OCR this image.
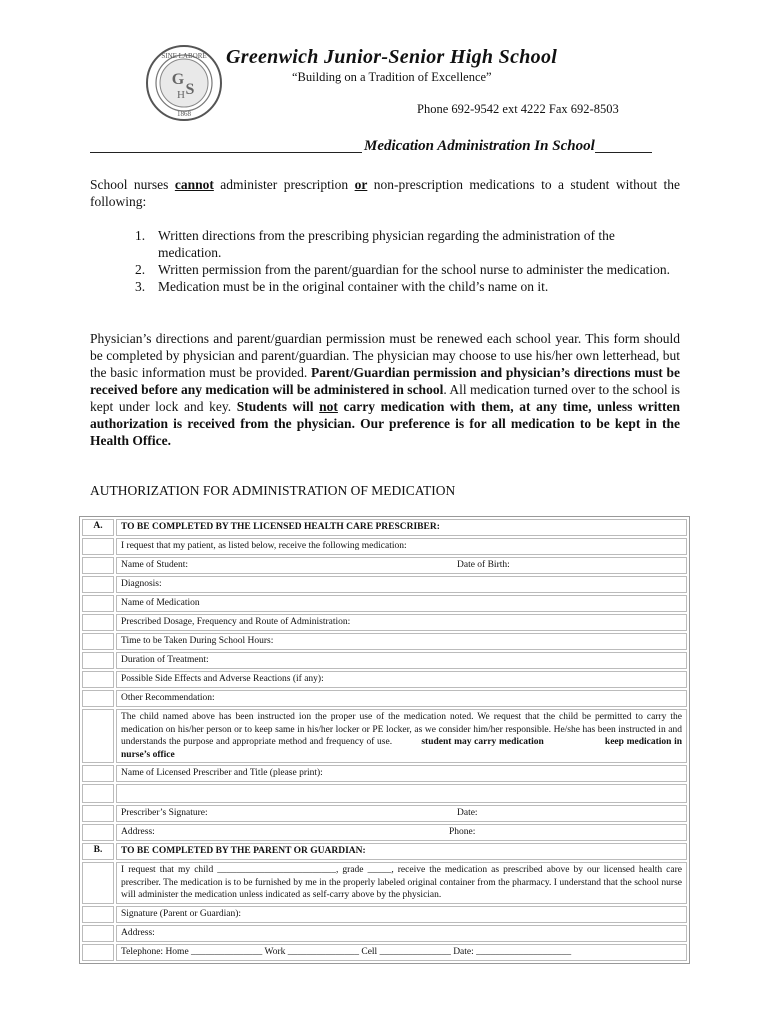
SINE LABORE
1868
G
S
H
Greenwich Junior-Senior High School
“Building on a Tradition of Excellence”
Phone 692-9542 ext 4222 Fax 692-8503
Medication Administration In School
School nurses cannot administer prescription or non-prescription medications to a student without the following:
1. Written directions from the prescribing physician regarding the administration of the medication.
2. Written permission from the parent/guardian for the school nurse to administer the medication.
3. Medication must be in the original container with the child’s name on it.
Physician’s directions and parent/guardian permission must be renewed each school year. This form should be completed by physician and parent/guardian. The physician may choose to use his/her own letterhead, but the basic information must be provided. Parent/Guardian permission and physician’s directions must be received before any medication will be administered in school. All medication turned over to the school is kept under lock and key. Students will not carry medication with them, at any time, unless written authorization is received from the physician. Our preference is for all medication to be kept in the Health Office.
AUTHORIZATION FOR ADMINISTRATION OF MEDICATION
A.	TO BE COMPLETED BY THE LICENSED HEALTH CARE PRESCRIBER:
	I request that my patient, as listed below, receive the following medication:
	Name of Student: Date of Birth:

	Diagnosis:
	Name of Medication
	Prescribed Dosage, Frequency and Route of Administration:
	Time to be Taken During School Hours:
	Duration of Treatment:
	Possible Side Effects and Adverse Reactions (if any):
	Other Recommendation:
	The child named above has been instructed ion the proper use of the medication noted. We request that the child be permitted to carry the medication on his/her person or to keep same in his/her locker or PE locker, as we consider him/her responsible. He/she has been instructed in and understands the purpose and appropriate method and frequency of use. student may carry medication keep medication in nurse’s office
	Name of Licensed Prescriber and Title (please print):

	Prescriber’s Signature: Date:

	Address: Phone:

B.	TO BE COMPLETED BY THE PARENT OR GUARDIAN:
	I request that my child _________________________, grade _____, receive the medication as prescribed above by our licensed health care prescriber. The medication is to be furnished by me in the properly labeled original container from the pharmacy. I understand that the school nurse will administer the medication unless indicated as self-carry above by the physician.
	Signature (Parent or Guardian):
	Address:
	Telephone: Home _______________ Work _______________ Cell _______________ Date: ____________________
